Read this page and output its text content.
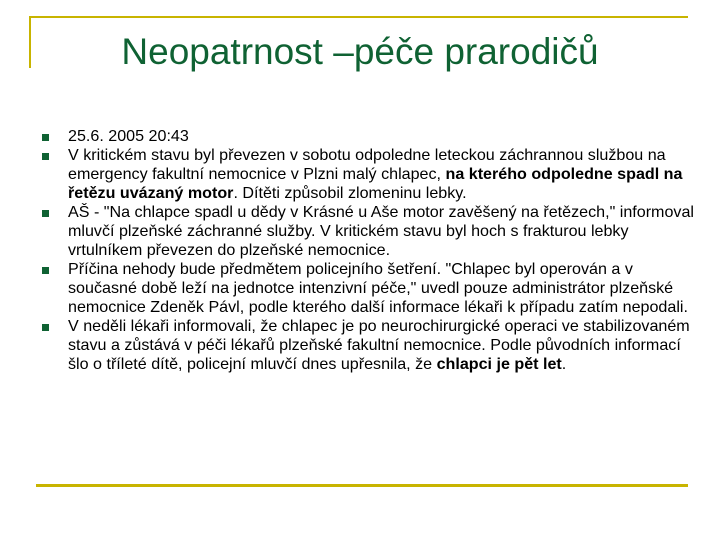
Neopatrnost –péče prarodičů
25.6. 2005 20:43
V kritickém stavu byl převezen v sobotu odpoledne leteckou záchrannou službou na emergency fakultní nemocnice v Plzni malý chlapec, na kterého odpoledne spadl na řetězu uvázaný motor. Dítěti způsobil zlomeninu lebky.
AŠ - "Na chlapce spadl u dědy v Krásné u Aše motor zavěšený na řetězech," informoval mluvčí plzeňské záchranné služby. V kritickém stavu byl hoch s frakturou lebky vrtulníkem převezen do plzeňské nemocnice.
Příčina nehody bude předmětem policejního šetření. "Chlapec byl operován a v současné době leží na jednotce intenzivní péče," uvedl pouze administrátor plzeňské nemocnice Zdeněk Pávl, podle kterého další informace lékaři k případu zatím nepodali.
V neděli lékaři informovali, že chlapec je po neurochirurgické operaci ve stabilizovaném stavu a zůstává v péči lékařů plzeňské fakultní nemocnice. Podle původních informací šlo o tříleté dítě, policejní mluvčí dnes upřesnila, že chlapci je pět let.
